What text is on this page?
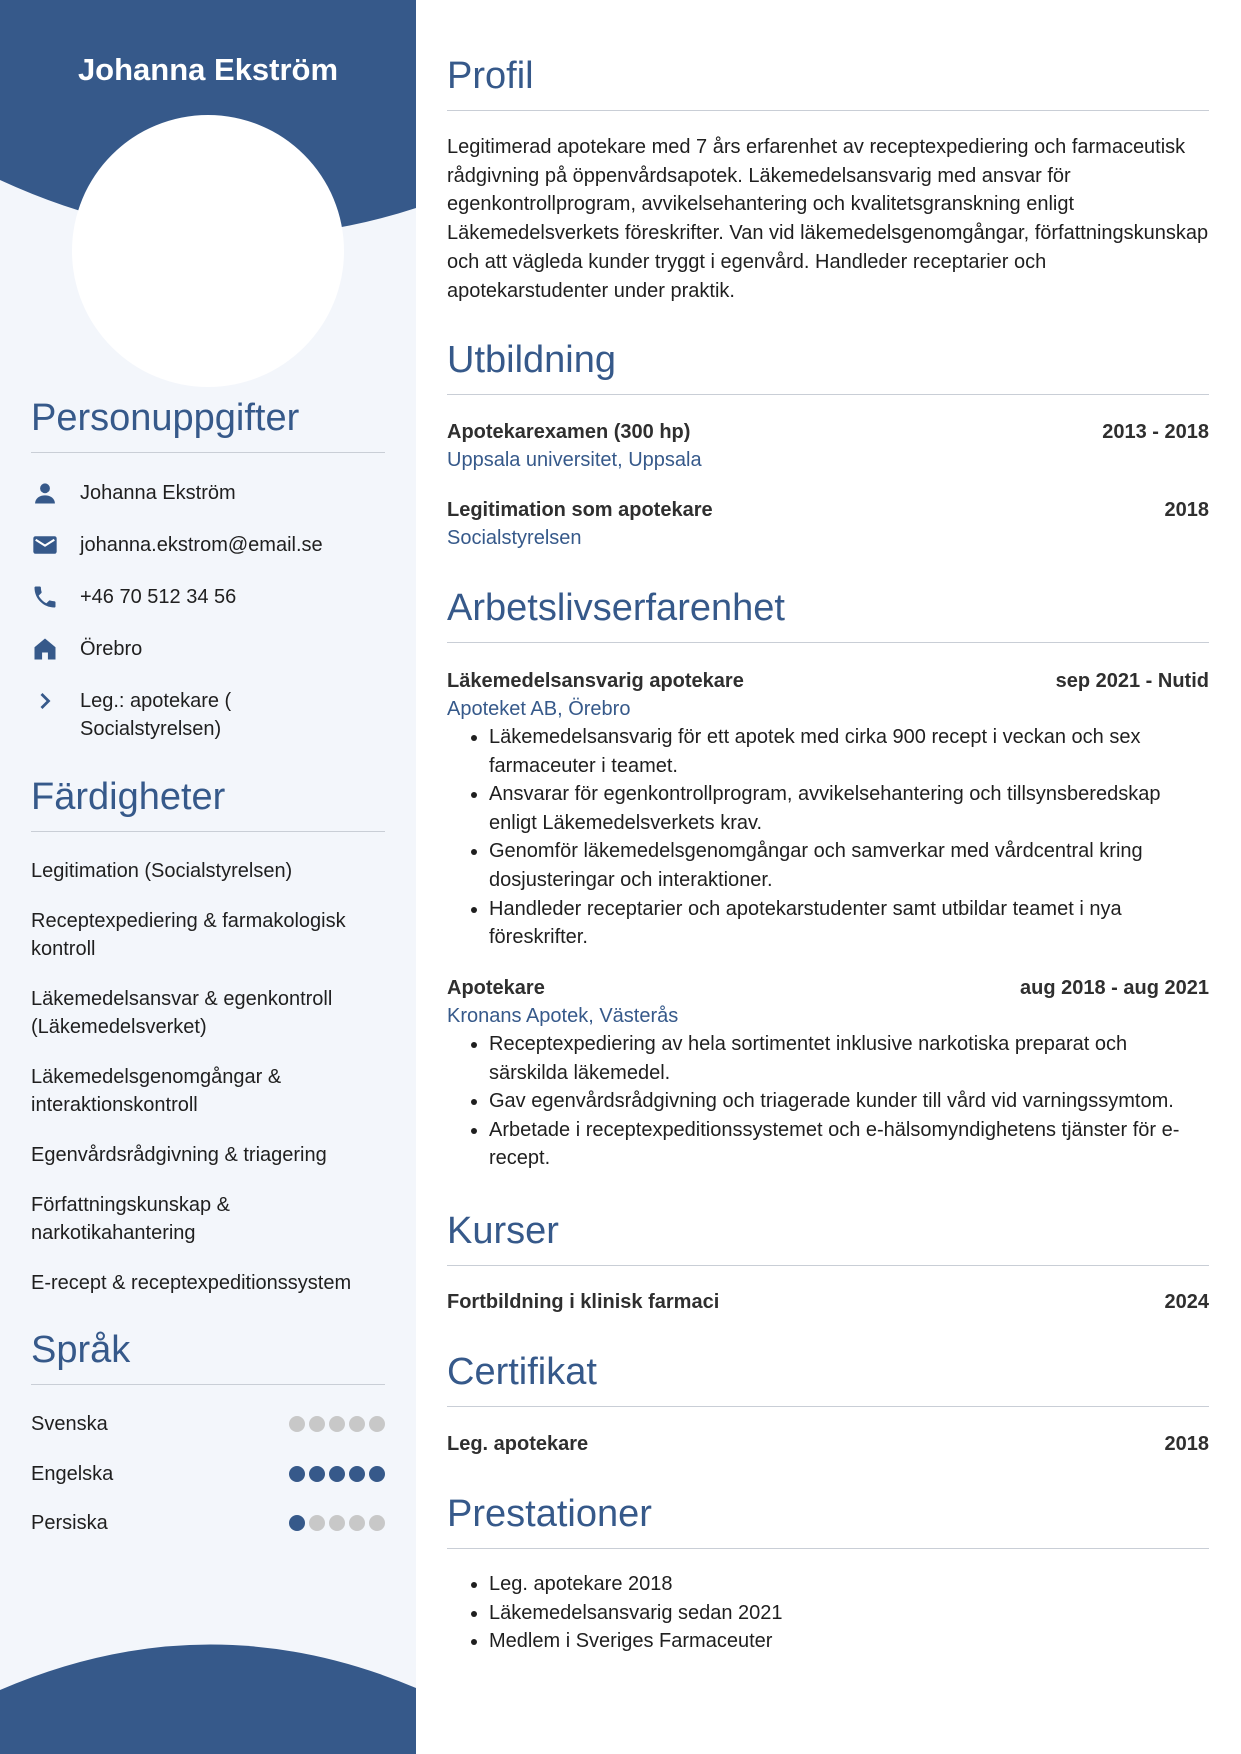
Johanna Ekström
Personuppgifter
Johanna Ekström
johanna.ekstrom@email.se
+46 70 512 34 56
Örebro
Leg.: apotekare ( Socialstyrelsen)
Färdigheter
Legitimation (Socialstyrelsen)
Receptexpediering & farmakologisk kontroll
Läkemedelsansvar & egenkontroll (Läkemedelsverket)
Läkemedelsgenomgångar & interaktionskontroll
Egenvårdsrådgivning & triagering
Författningskunskap & narkotikahantering
E-recept & receptexpeditionssystem
Språk
Svenska
Engelska
Persiska
Profil

Legitimerad apotekare med 7 års erfarenhet av receptexpediering och farmaceutisk rådgivning på öppenvårdsapotek. Läkemedelsansvarig med ansvar för egenkontrollprogram, avvikelsehantering och kvalitetsgranskning enligt Läkemedelsverkets föreskrifter. Van vid läkemedelsgenomgångar, författningskunskap och att vägleda kunder tryggt i egenvård. Handleder receptarier och apotekarstudenter under praktik.

Utbildning
Apotekarexamen (300 hp)	2013 - 2018
Uppsala universitet, Uppsala
Legitimation som apotekare	2018
Socialstyrelsen
Arbetslivserfarenhet
Läkemedelsansvarig apotekare	sep 2021 - Nutid
Apoteket AB, Örebro
• Läkemedelsansvarig för ett apotek med cirka 900 recept i veckan och sex farmaceuter i teamet.
• Ansvarar för egenkontrollprogram, avvikelsehantering och tillsynsberedskap enligt Läkemedelsverkets krav.
• Genomför läkemedelsgenomgångar och samverkar med vårdcentral kring dosjusteringar och interaktioner.
• Handleder receptarier och apotekarstudenter samt utbildar teamet i nya föreskrifter.
Apotekare	aug 2018 - aug 2021
Kronans Apotek, Västerås
• Receptexpediering av hela sortimentet inklusive narkotiska preparat och särskilda läkemedel.
• Gav egenvårdsrådgivning och triagerade kunder till vård vid varningssymtom.
• Arbetade i receptexpeditionssystemet och e-hälsomyndighetens tjänster för e-recept.
Kurser
Fortbildning i klinisk farmaci	2024
Certifikat
Leg. apotekare	2018
Prestationer
• Leg. apotekare 2018
• Läkemedelsansvarig sedan 2021
• Medlem i Sveriges Farmaceuter
